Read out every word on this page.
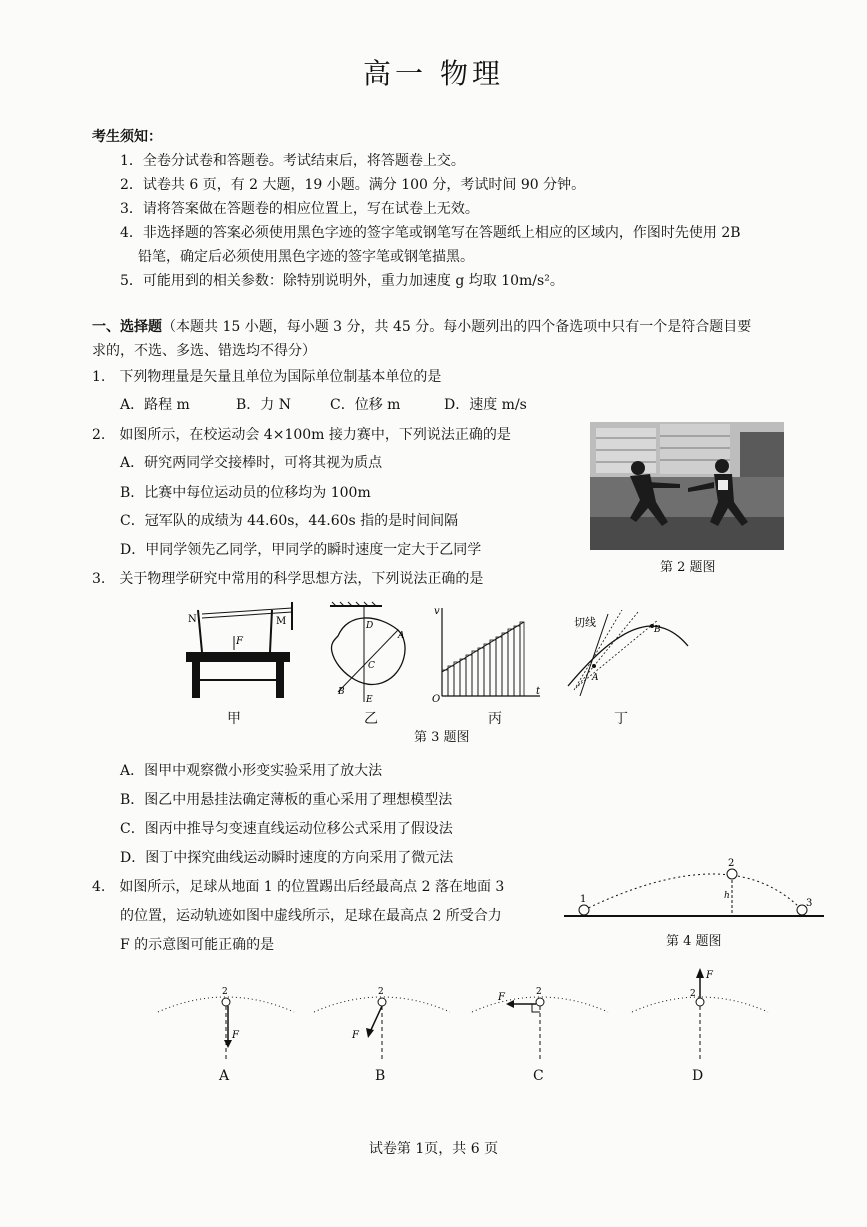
高一 物理
考生须知：
1．全卷分试卷和答题卷。考试结束后，将答题卷上交。
2．试卷共 6 页，有 2 大题，19 小题。满分 100 分，考试时间 90 分钟。
3．请将答案做在答题卷的相应位置上，写在试卷上无效。
4．非选择题的答案必须使用黑色字迹的签字笔或钢笔写在答题纸上相应的区域内，作图时先使用 2B
铅笔，确定后必须使用黑色字迹的签字笔或钢笔描黑。
5．可能用到的相关参数：除特别说明外，重力加速度 g 均取 10m/s²。
一、选择题（本题共 15 小题，每小题 3 分，共 45 分。每小题列出的四个备选项中只有一个是符合题目要
求的，不选、多选、错选均不得分）
1.　下列物理量是矢量且单位为国际单位制基本单位的是
A．路程 m	B．力 N	C．位移 m	D．速度 m/s
2.　如图所示，在校运动会 4×100m 接力赛中，下列说法正确的是
A．研究两同学交接棒时，可将其视为质点
B．比赛中每位运动员的位移均为 100m
C．冠军队的成绩为 44.60s，44.60s 指的是时间间隔
D．甲同学领先乙同学，甲同学的瞬时速度一定大于乙同学
第 2 题图
3.　关于物理学研究中常用的科学思想方法，下列说法正确的是
N	M
F
D
A
C
B
E
v
O
t
切线
A
B
甲	乙	丙	丁
第 3 题图
A．图甲中观察微小形变实验采用了放大法
B．图乙中用悬挂法确定薄板的重心采用了理想模型法
C．图丙中推导匀变速直线运动位移公式采用了假设法
D．图丁中探究曲线运动瞬时速度的方向采用了微元法
4.　如图所示，足球从地面 1 的位置踢出后经最高点 2 落在地面 3
的位置，运动轨迹如图中虚线所示，足球在最高点 2 所受合力
F 的示意图可能正确的是
1
2
3
h
第 4 题图
2
F
2
F
2
F	2
F
A	B	C	D
试卷第 1页，共 6 页
